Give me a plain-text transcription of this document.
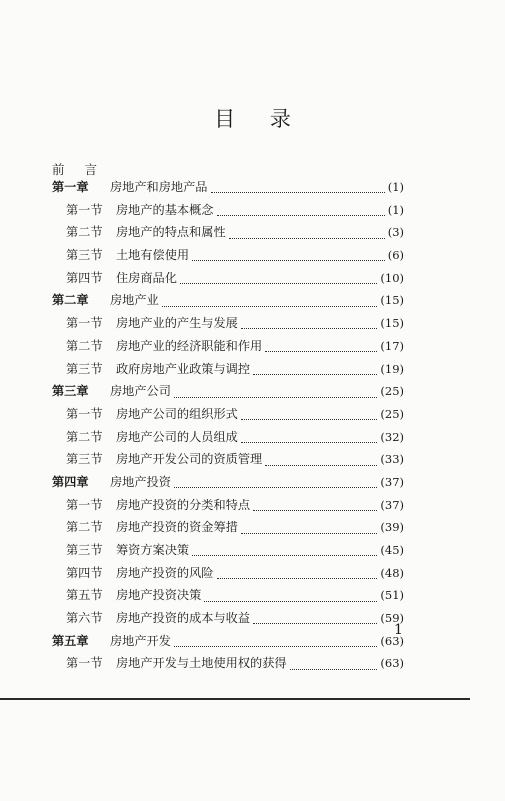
目 录
前 言
第一章	房地产和房地产品	(1)
第一节	房地产的基本概念	(1)
第二节	房地产的特点和属性	(3)
第三节	土地有偿使用	(6)
第四节	住房商品化	(10)
第二章	房地产业	(15)
第一节	房地产业的产生与发展	(15)
第二节	房地产业的经济职能和作用	(17)
第三节	政府房地产业政策与调控	(19)
第三章	房地产公司	(25)
第一节	房地产公司的组织形式	(25)
第二节	房地产公司的人员组成	(32)
第三节	房地产开发公司的资质管理	(33)
第四章	房地产投资	(37)
第一节	房地产投资的分类和特点	(37)
第二节	房地产投资的资金筹措	(39)
第三节	筹资方案决策	(45)
第四节	房地产投资的风险	(48)
第五节	房地产投资决策	(51)
第六节	房地产投资的成本与收益	(59)
第五章	房地产开发	(63)
第一节	房地产开发与土地使用权的获得	(63)
1
